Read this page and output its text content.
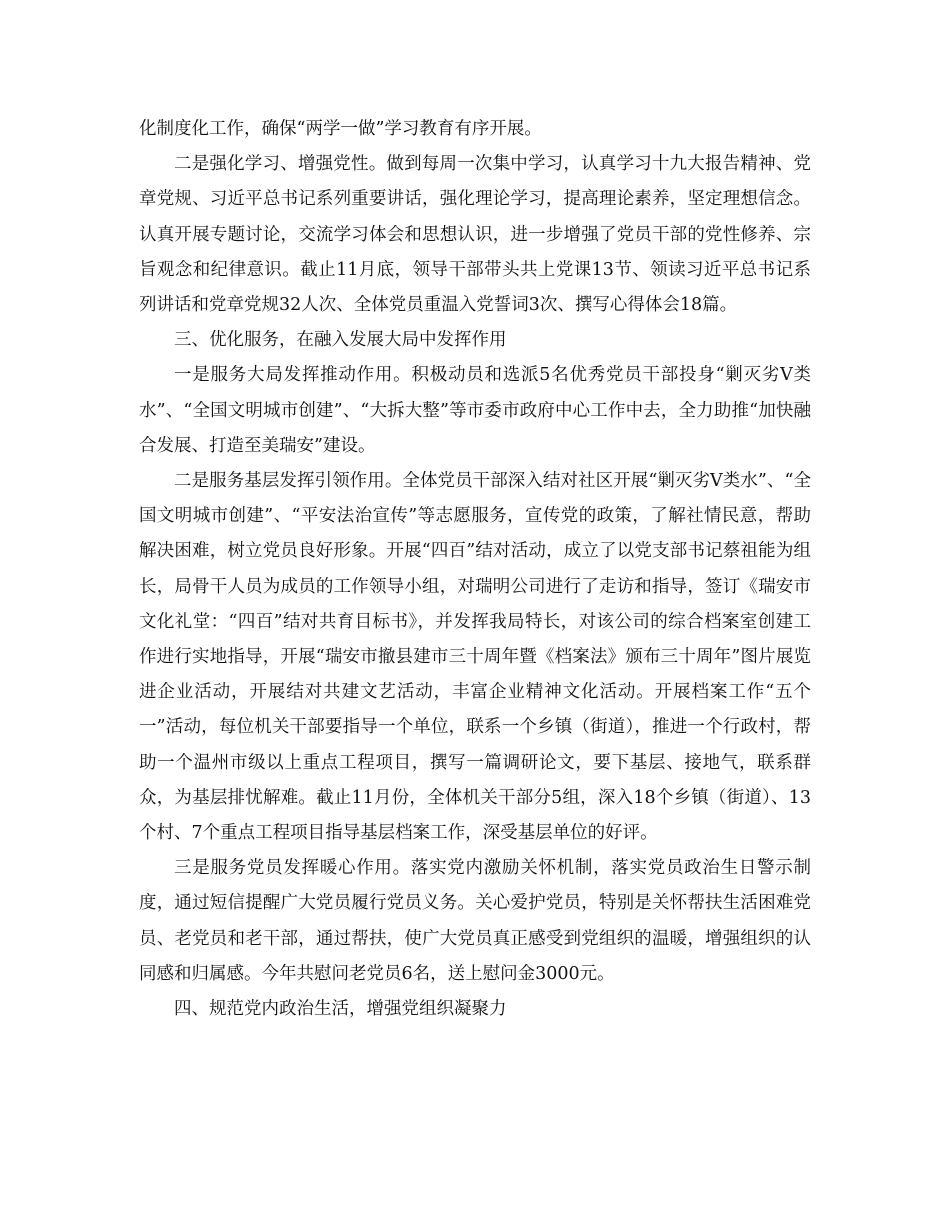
化制度化工作，确保“两学一做”学习教育有序开展。

二是强化学习、增强党性。做到每周一次集中学习，认真学习十九大报告精神、党章党规、习近平总书记系列重要讲话，强化理论学习，提高理论素养，坚定理想信念。认真开展专题讨论，交流学习体会和思想认识，进一步增强了党员干部的党性修养、宗旨观念和纪律意识。截止11月底，领导干部带头共上党课13节、领读习近平总书记系列讲话和党章党规32人次、全体党员重温入党誓词3次、撰写心得体会18篇。

三、优化服务，在融入发展大局中发挥作用

一是服务大局发挥推动作用。积极动员和选派5名优秀党员干部投身“剿灭劣Ⅴ类水”、“全国文明城市创建”、“大拆大整”等市委市政府中心工作中去，全力助推“加快融合发展、打造至美瑞安”建设。

二是服务基层发挥引领作用。全体党员干部深入结对社区开展“剿灭劣Ⅴ类水”、“全国文明城市创建”、“平安法治宣传”等志愿服务，宣传党的政策，了解社情民意，帮助解决困难，树立党员良好形象。开展“四百”结对活动，成立了以党支部书记蔡祖能为组长，局骨干人员为成员的工作领导小组，对瑞明公司进行了走访和指导，签订《瑞安市文化礼堂：“四百”结对共育目标书》，并发挥我局特长，对该公司的综合档案室创建工作进行实地指导，开展“瑞安市撤县建市三十周年暨《档案法》颁布三十周年”图片展览进企业活动，开展结对共建文艺活动，丰富企业精神文化活动。开展档案工作“五个一”活动，每位机关干部要指导一个单位，联系一个乡镇（街道），推进一个行政村，帮助一个温州市级以上重点工程项目，撰写一篇调研论文，要下基层、接地气，联系群众，为基层排忧解难。截止11月份，全体机关干部分5组，深入18个乡镇（街道）、13个村、7个重点工程项目指导基层档案工作，深受基层单位的好评。

三是服务党员发挥暖心作用。落实党内激励关怀机制，落实党员政治生日警示制度，通过短信提醒广大党员履行党员义务。关心爱护党员，特别是关怀帮扶生活困难党员、老党员和老干部，通过帮扶，使广大党员真正感受到党组织的温暖，增强组织的认同感和归属感。今年共慰问老党员6名，送上慰问金3000元。

四、规范党内政治生活，增强党组织凝聚力
